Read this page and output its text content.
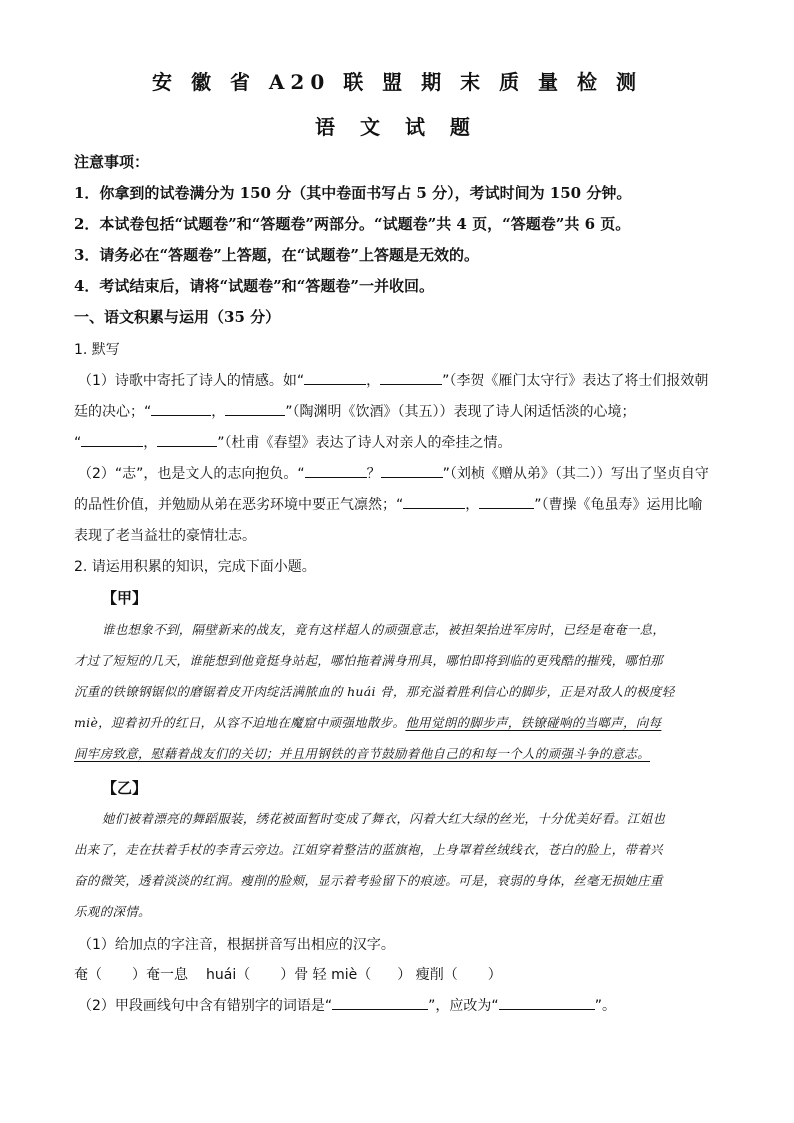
安 徽 省 A20 联 盟 期 末 质 量 检 测
语 文 试 题

注意事项：

1．你拿到的试卷满分为 150 分（其中卷面书写占 5 分），考试时间为 150 分钟。

2．本试卷包括“试题卷”和“答题卷”两部分。“试题卷”共 4 页，“答题卷”共 6 页。

3．请务必在“答题卷”上答题，在“试题卷”上答题是无效的。

4．考试结束后，请将“试题卷”和“答题卷”一并收回。

一、语文积累与运用（35 分）

1. 默写

（1）诗歌中寄托了诗人的情感。如“	，	”（李贺《雁门太守行》表达了将士们报效朝

廷的决心；“	，	”（陶渊明《饮酒》（其五））表现了诗人闲适恬淡的心境；

“	，	”（杜甫《春望》表达了诗人对亲人的牵挂之情。

（2）“志”，也是文人的志向抱负。“	？	”（刘桢《赠从弟》（其二））写出了坚贞自守

的品性价值，并勉励从弟在恶劣环境中要正气凛然；“	，	”（曹操《龟虽寿》运用比喻

表现了老当益壮的豪情壮志。

2. 请运用积累的知识，完成下面小题。

【甲】

谁也想象不到，隔壁新来的战友，竟有这样超人的顽强意志，被担架抬进军房时，已经是奄奄一息，

才过了短短的几天，谁能想到他竟挺身站起，哪怕拖着满身刑具，哪怕即将到临的更残酷的摧残，哪怕那

沉重的铁镣钢锯似的磨锯着皮开肉绽活满脓血的 huái 骨，那充溢着胜利信心的脚步，正是对敌人的极度轻

miè，迎着初升的红日，从容不迫地在魔窟中顽强地散步。他用觉朗的脚步声，铁镣碰响的当啷声，向每

间牢房致意，慰藉着战友们的关切；并且用钢铁的音节鼓励着他自己的和每一个人的顽强斗争的意志。

【乙】

她们被着漂亮的舞蹈服装，绣花被面暂时变成了舞衣，闪着大红大绿的丝光，十分优美好看。江姐也

出来了，走在扶着手杖的李青云旁边。江姐穿着整洁的蓝旗袍，上身罩着丝绒线衣，苍白的脸上，带着兴

奋的微笑，透着淡淡的红润。瘦削的脸颊，显示着考验留下的痕迹。可是，衰弱的身体，丝毫无损她庄重

乐观的深情。

（1）给加点的字注音，根据拼音写出相应的汉字。

奄（ ）奄一息 huái（ ）骨 轻 miè（ ） 瘦削（ ）

（2）甲段画线句中含有错别字的词语是“	”，应改为“	”。
